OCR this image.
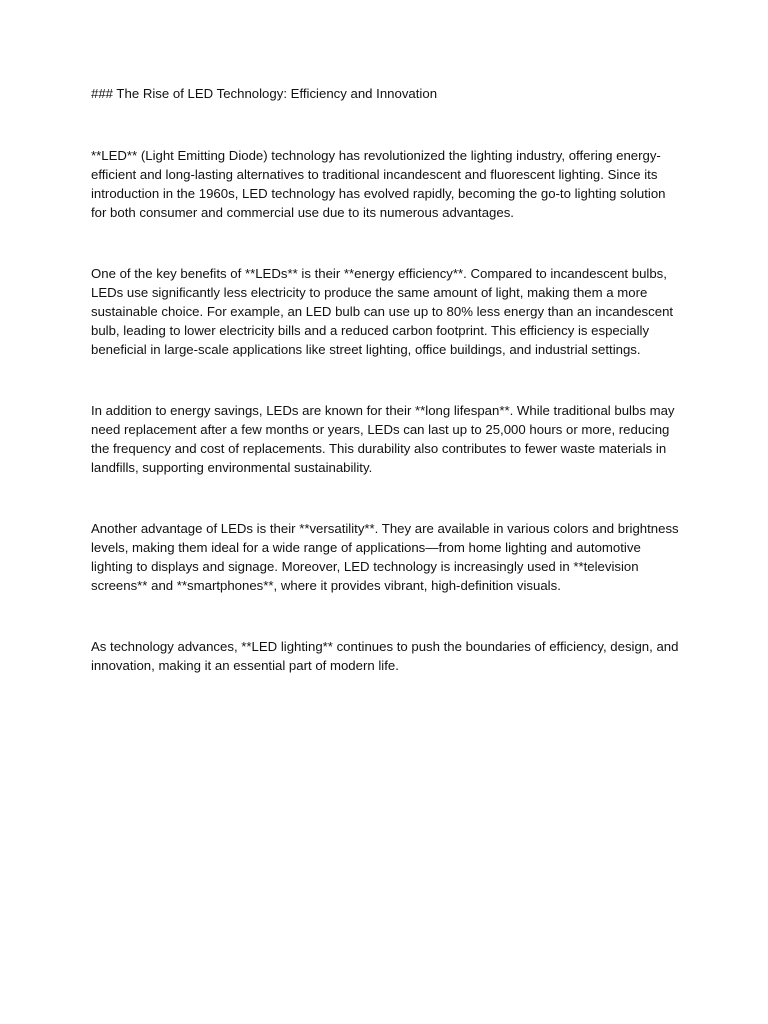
### The Rise of LED Technology: Efficiency and Innovation

**LED** (Light Emitting Diode) technology has revolutionized the lighting industry, offering energy-efficient and long-lasting alternatives to traditional incandescent and fluorescent lighting. Since its introduction in the 1960s, LED technology has evolved rapidly, becoming the go-to lighting solution for both consumer and commercial use due to its numerous advantages.

One of the key benefits of **LEDs** is their **energy efficiency**. Compared to incandescent bulbs, LEDs use significantly less electricity to produce the same amount of light, making them a more sustainable choice. For example, an LED bulb can use up to 80% less energy than an incandescent bulb, leading to lower electricity bills and a reduced carbon footprint. This efficiency is especially beneficial in large-scale applications like street lighting, office buildings, and industrial settings.

In addition to energy savings, LEDs are known for their **long lifespan**. While traditional bulbs may need replacement after a few months or years, LEDs can last up to 25,000 hours or more, reducing the frequency and cost of replacements. This durability also contributes to fewer waste materials in landfills, supporting environmental sustainability.

Another advantage of LEDs is their **versatility**. They are available in various colors and brightness levels, making them ideal for a wide range of applications—from home lighting and automotive lighting to displays and signage. Moreover, LED technology is increasingly used in **television screens** and **smartphones**, where it provides vibrant, high-definition visuals.

As technology advances, **LED lighting** continues to push the boundaries of efficiency, design, and innovation, making it an essential part of modern life.
